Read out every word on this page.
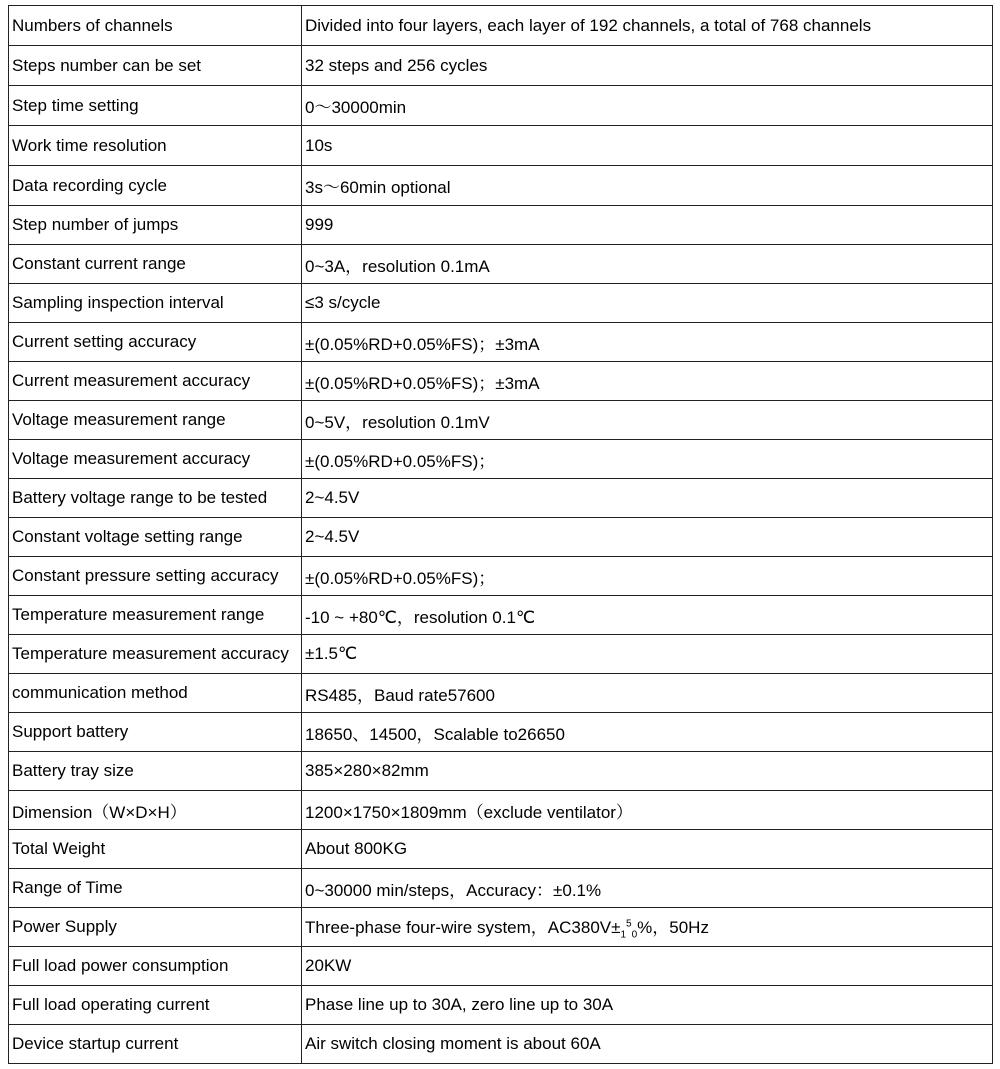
Numbers of channels	Divided into four layers, each layer of 192 channels, a total of 768 channels
Steps number can be set	32 steps and 256 cycles
Step time setting	0～30000min
Work time resolution	10s
Data recording cycle	3s～60min optional
Step number of jumps	999
Constant current range	0~3A，resolution 0.1mA
Sampling inspection interval	≤3 s/cycle
Current setting accuracy	±(0.05%RD+0.05%FS)；±3mA
Current measurement accuracy	±(0.05%RD+0.05%FS)；±3mA
Voltage measurement range	0~5V，resolution 0.1mV
Voltage measurement accuracy	±(0.05%RD+0.05%FS)；
Battery voltage range to be tested	2~4.5V
Constant voltage setting range	2~4.5V
Constant pressure setting accuracy	±(0.05%RD+0.05%FS)；
Temperature measurement range	-10 ~ +80℃，resolution 0.1℃
Temperature measurement accuracy	±1.5℃
communication method	RS485，Baud rate57600
Support battery	18650、14500，Scalable to26650
Battery tray size	385×280×82mm
Dimension（W×D×H）	1200×1750×1809mm（exclude ventilator）
Total Weight	About 800KG
Range of Time	0~30000 min/steps，Accuracy：±0.1%
Power Supply	Three-phase four-wire system，$AC380V\pm_1^5_0\%$，50Hz
Full load power consumption	20KW
Full load operating current	Phase line up to 30A, zero line up to 30A
Device startup current	Air switch closing moment is about 60A
